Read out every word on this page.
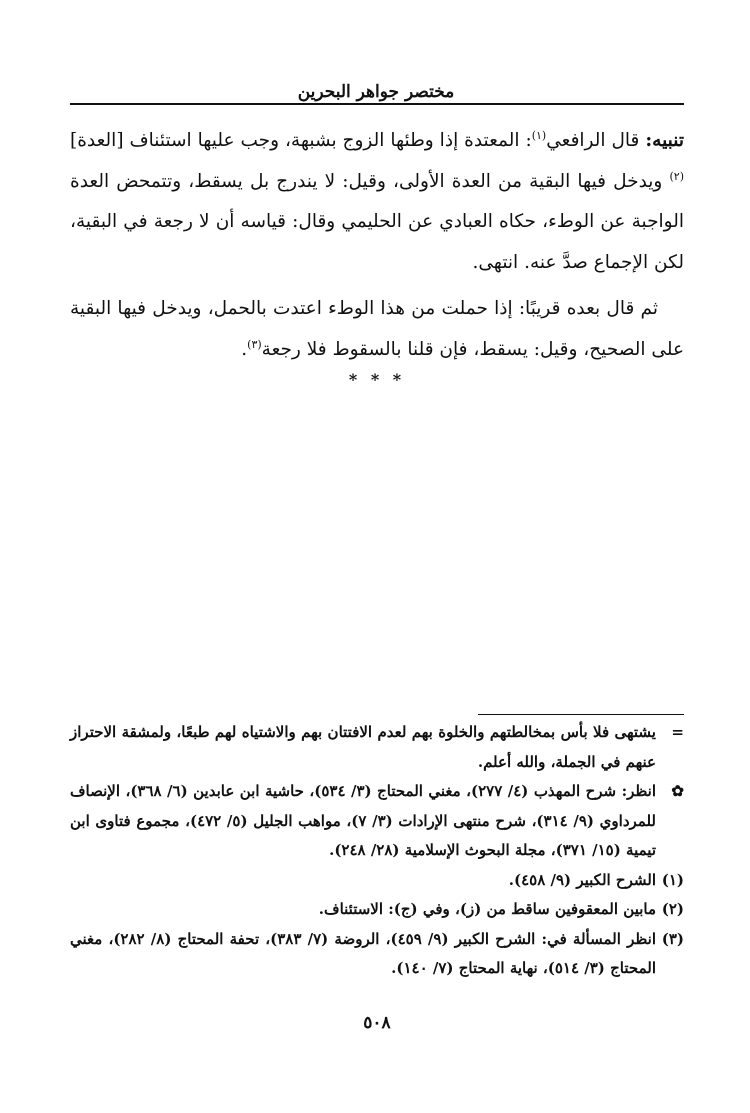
مختصر جواهر البحرين

تنبيه: قال الرافعي$^{(١)}$: المعتدة إذا وطئها الزوج بشبهة، وجب عليها استئناف [العدة]$^{(٢)}$ ويدخل فيها البقية من العدة الأولى، وقيل: لا يندرج بل يسقط، وتتمحض العدة الواجبة عن الوطء، حكاه العبادي عن الحليمي وقال: قياسه أن لا رجعة في البقية، لكن الإجماع صدَّ عنه. انتهى.

ثم قال بعده قريبًا: إذا حملت من هذا الوطء اعتدت بالحمل، ويدخل فيها البقية على الصحيح، وقيل: يسقط، فإن قلنا بالسقوط فلا رجعة$^{(٣)}$.

* * *
=
يشتهى فلا بأس بمخالطتهم والخلوة بهم لعدم الافتتان بهم والاشتياه لهم طبعًا، ولمشقة الاحتراز عنهم في الجملة، والله أعلم.
✿
انظر: شرح المهذب (٤/ ٢٧٧)، مغني المحتاج (٣/ ٥٣٤)، حاشية ابن عابدين (٦/ ٣٦٨)، الإنصاف للمرداوي (٩/ ٣١٤)، شرح منتهى الإرادات (٣/ ٧)، مواهب الجليل (٥/ ٤٧٢)، مجموع فتاوى ابن تيمية (١٥/ ٣٧١)، مجلة البحوث الإسلامية (٢٨/ ٢٤٨).
(١)
الشرح الكبير (٩/ ٤٥٨).
(٢)
مابين المعقوفين ساقط من (ز)، وفي (ج): الاستئناف.
(٣)
انظر المسألة في: الشرح الكبير (٩/ ٤٥٩)، الروضة (٧/ ٣٨٣)، تحفة المحتاج (٨/ ٢٨٢)، مغني المحتاج (٣/ ٥١٤)، نهاية المحتاج (٧/ ١٤٠).
٥٠٨
